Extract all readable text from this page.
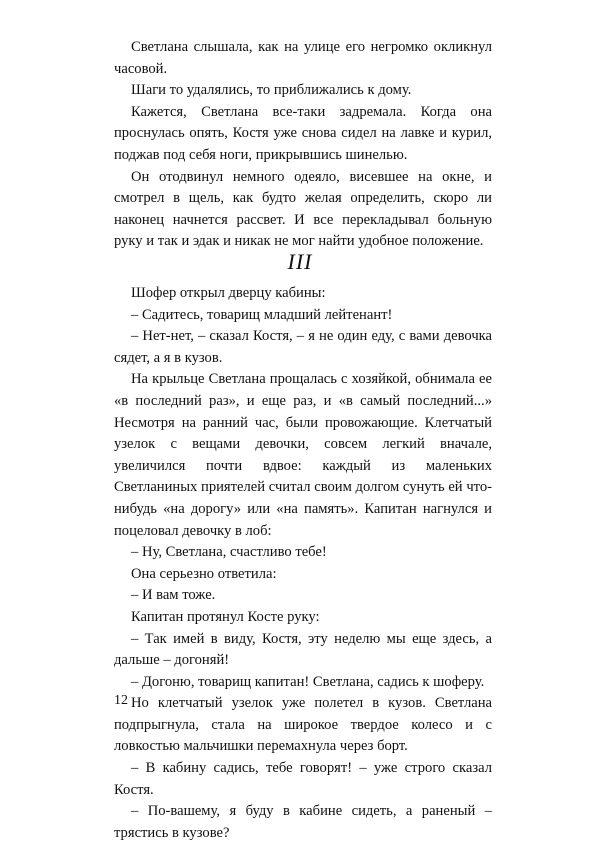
Светлана слышала, как на улице его негромко окликнул часовой.

Шаги то удалялись, то приближались к дому.

Кажется, Светлана все-таки задремала. Когда она проснулась опять, Костя уже снова сидел на лавке и курил, поджав под себя ноги, прикрывшись шинелью.

Он отодвинул немного одеяло, висевшее на окне, и смотрел в щель, как будто желая определить, скоро ли наконец начнется рассвет. И все перекладывал больную руку и так и эдак и никак не мог найти удобное положение.

III

Шофер открыл дверцу кабины:

– Садитесь, товарищ младший лейтенант!

– Нет-нет, – сказал Костя, – я не один еду, с вами девочка сядет, а я в кузов.

На крыльце Светлана прощалась с хозяйкой, обнимала ее «в последний раз», и еще раз, и «в самый последний...» Несмотря на ранний час, были провожающие. Клетчатый узелок с вещами девочки, совсем легкий вначале, увеличился почти вдвое: каждый из маленьких Светланиных приятелей считал своим долгом сунуть ей что-нибудь «на дорогу» или «на память». Капитан нагнулся и поцеловал девочку в лоб:

– Ну, Светлана, счастливо тебе!

Она серьезно ответила:

– И вам тоже.

Капитан протянул Косте руку:

– Так имей в виду, Костя, эту неделю мы еще здесь, а дальше – догоняй!

– Догоню, товарищ капитан! Светлана, садись к шоферу.

Но клетчатый узелок уже полетел в кузов. Светлана подпрыгнула, стала на широкое твердое колесо и с ловкостью мальчишки перемахнула через борт.

– В кабину садись, тебе говорят! – уже строго сказал Костя.

– По-вашему, я буду в кабине сидеть, а раненый – трястись в кузове?

12
